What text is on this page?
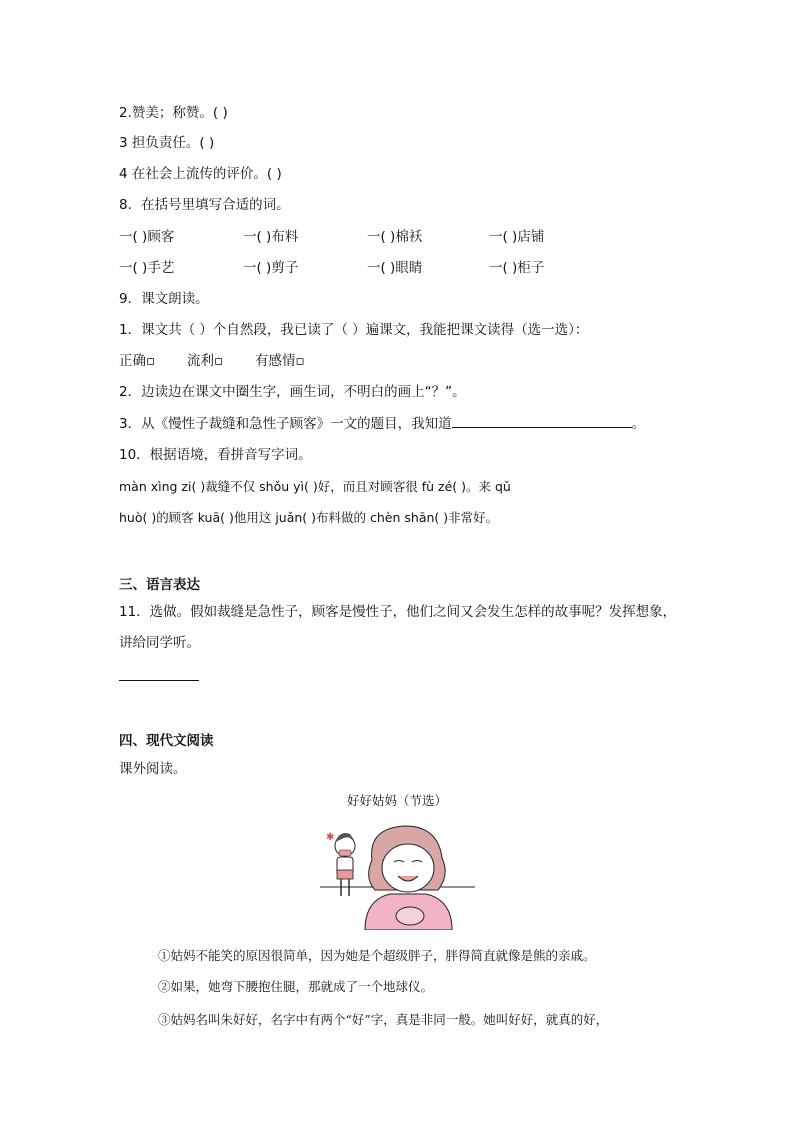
2.赞美；称赞。( )
3 担负责任。( )
4 在社会上流传的评价。( )
8．在括号里填写合适的词。
一( )顾客	一( )布料	一( )棉袄	一( )店铺
一( )手艺	一( )剪子	一( )眼睛	一( )柜子
9．课文朗读。
1．课文共（ ）个自然段，我已读了（ ）遍课文，我能把课文读得（选一选）：
正确▫ 流利▫ 有感情▫
2．边读边在课文中圈生字，画生词，不明白的画上“？”。
3．从《慢性子裁缝和急性子顾客》一文的题目，我知道	。
10．根据语境，看拼音写字词。
màn xìng zi( )裁缝不仅 shǒu yì( )好，而且对顾客很 fù zé( )。来 qǔ
huò( )的顾客 kuā( )他用这 juǎn( )布料做的 chèn shān( )非常好。
三、语言表达
11．选做。假如裁缝是急性子，顾客是慢性子，他们之间又会发生怎样的故事呢？发挥想象，
讲给同学听。
四、现代文阅读
课外阅读。
好好姑妈（节选）
✱
①姑妈不能笑的原因很简单，因为她是个超级胖子，胖得简直就像是熊的亲戚。
②如果，她弯下腰抱住腿，那就成了一个地球仪。
③姑妈名叫朱好好，名字中有两个“好”字，真是非同一般。她叫好好，就真的好，
